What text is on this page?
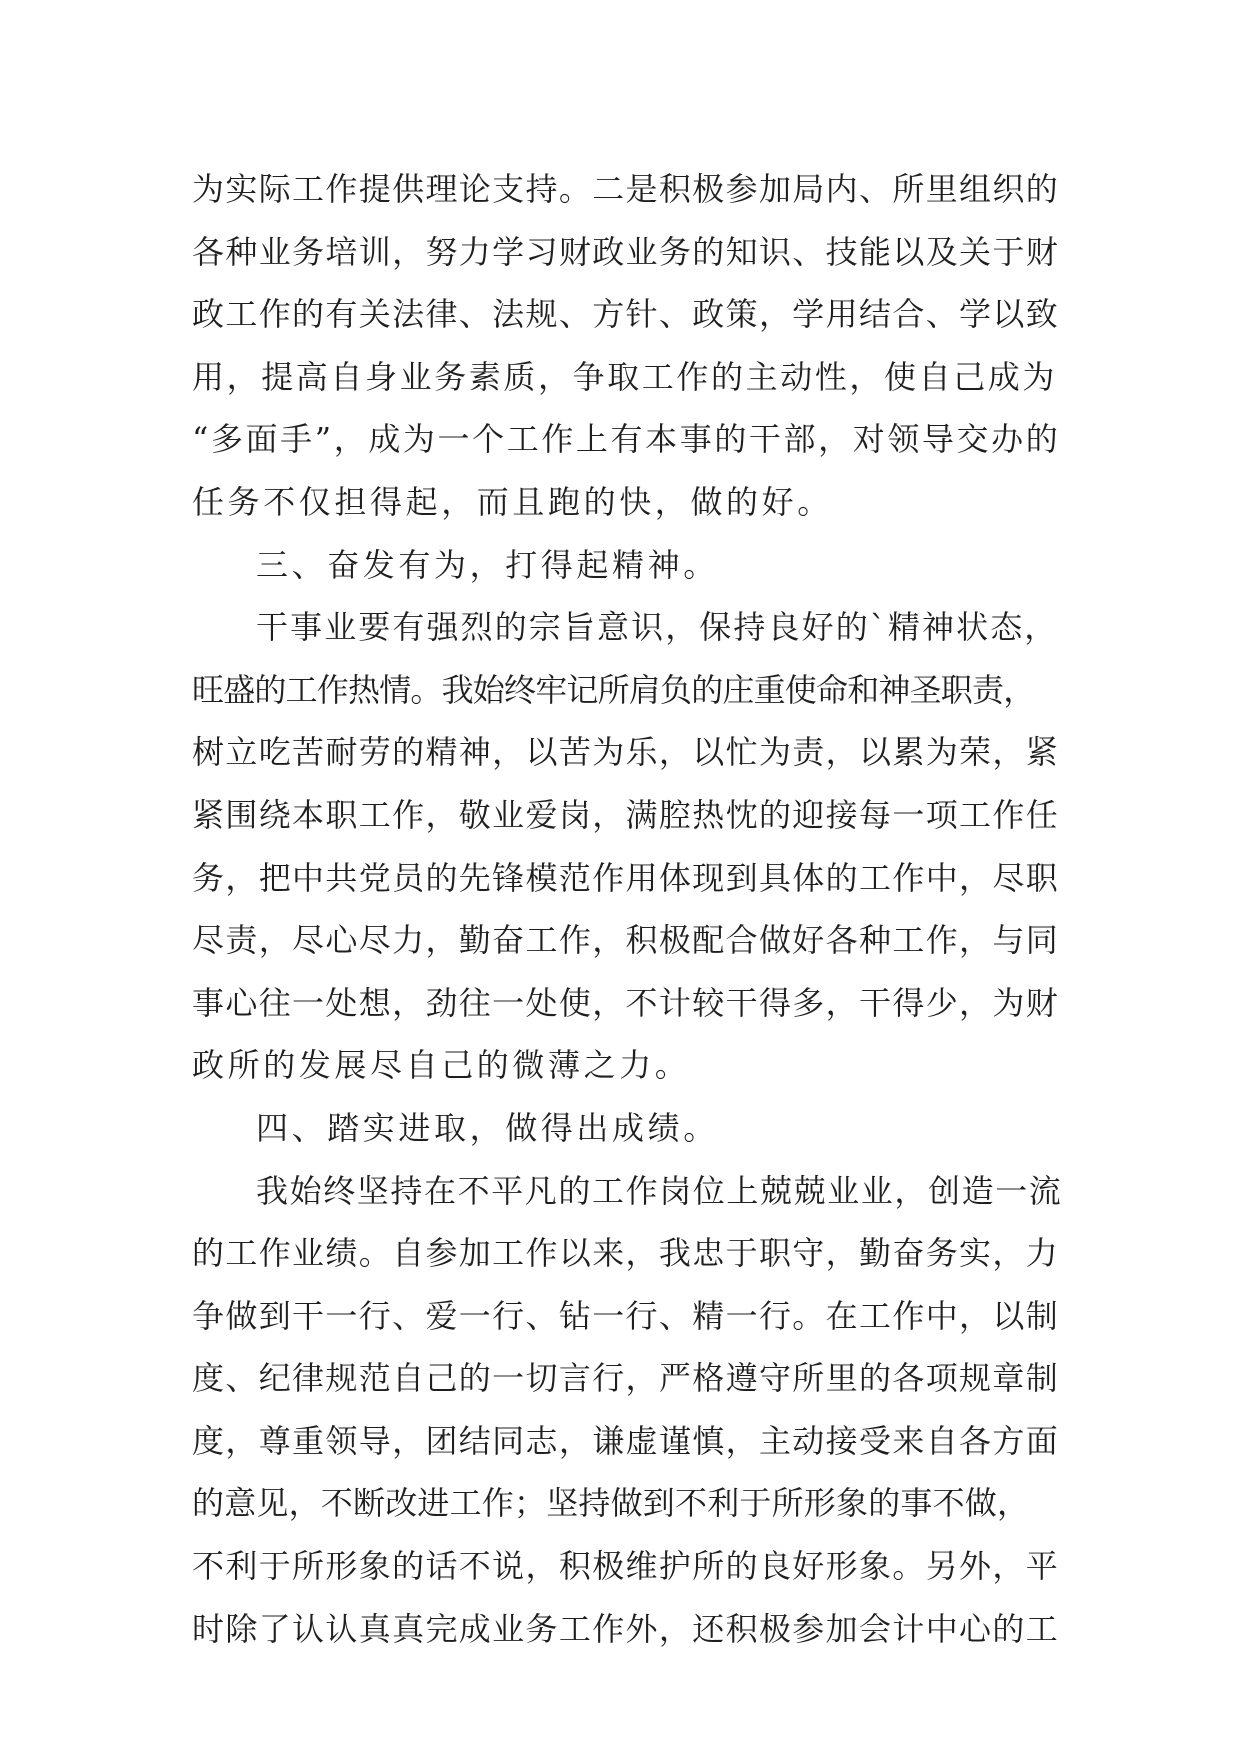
为实际工作提供理论支持。二是积极参加局内、所里组织的
各种业务培训，努力学习财政业务的知识、技能以及关于财
政工作的有关法律、法规、方针、政策，学用结合、学以致
用，提高自身业务素质，争取工作的主动性，使自己成为
“多面手”，成为一个工作上有本事的干部，对领导交办的
任务不仅担得起，而且跑的快，做的好。
三、奋发有为，打得起精神。
干事业要有强烈的宗旨意识，保持良好的`精神状态，
旺盛的工作热情。我始终牢记所肩负的庄重使命和神圣职责，
树立吃苦耐劳的精神，以苦为乐，以忙为责，以累为荣，紧
紧围绕本职工作，敬业爱岗，满腔热忱的迎接每一项工作任
务，把中共党员的先锋模范作用体现到具体的工作中，尽职
尽责，尽心尽力，勤奋工作，积极配合做好各种工作，与同
事心往一处想，劲往一处使，不计较干得多，干得少，为财
政所的发展尽自己的微薄之力。
四、踏实进取，做得出成绩。
我始终坚持在不平凡的工作岗位上兢兢业业，创造一流
的工作业绩。自参加工作以来，我忠于职守，勤奋务实，力
争做到干一行、爱一行、钻一行、精一行。在工作中，以制
度、纪律规范自己的一切言行，严格遵守所里的各项规章制
度，尊重领导，团结同志，谦虚谨慎，主动接受来自各方面
的意见，不断改进工作；坚持做到不利于所形象的事不做，
不利于所形象的话不说，积极维护所的良好形象。另外，平
时除了认认真真完成业务工作外，还积极参加会计中心的工
